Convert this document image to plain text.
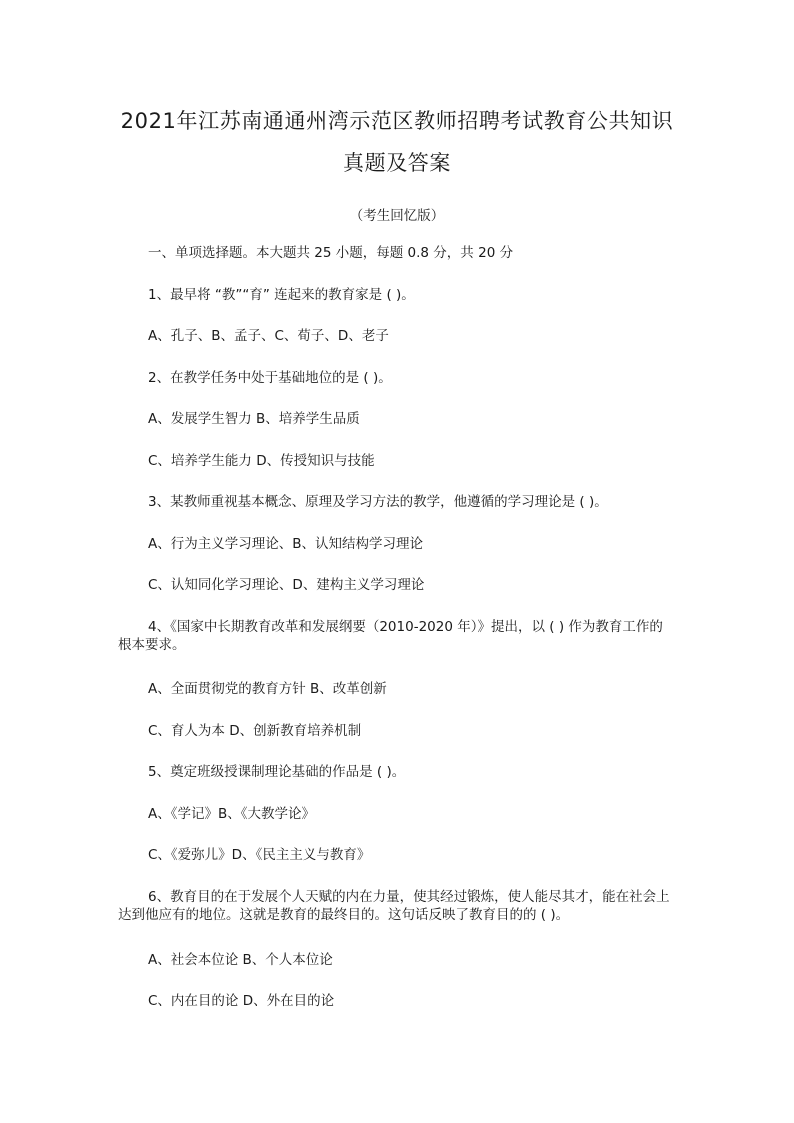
2021年江苏南通通州湾示范区教师招聘考试教育公共知识
真题及答案
（考生回忆版）
一、单项选择题。本大题共 25 小题，每题 0.8 分，共 20 分
1、最早将 “教”“育” 连起来的教育家是 ( )。
A、孔子、B、孟子、C、荀子、D、老子
2、在教学任务中处于基础地位的是 ( )。
A、发展学生智力 B、培养学生品质
C、培养学生能力 D、传授知识与技能
3、某教师重视基本概念、原理及学习方法的教学，他遵循的学习理论是 ( )。
A、行为主义学习理论、B、认知结构学习理论
C、认知同化学习理论、D、建构主义学习理论
4、《国家中长期教育改革和发展纲要（2010-2020 年）》提出，以 ( ) 作为教育工作的根本要求。
A、全面贯彻党的教育方针 B、改革创新
C、育人为本 D、创新教育培养机制
5、奠定班级授课制理论基础的作品是 ( )。
A、《学记》B、《大教学论》
C、《爱弥儿》D、《民主主义与教育》
6、教育目的在于发展个人天赋的内在力量，使其经过锻炼，使人能尽其才，能在社会上达到他应有的地位。这就是教育的最终目的。这句话反映了教育目的的 ( )。
A、社会本位论 B、个人本位论
C、内在目的论 D、外在目的论
